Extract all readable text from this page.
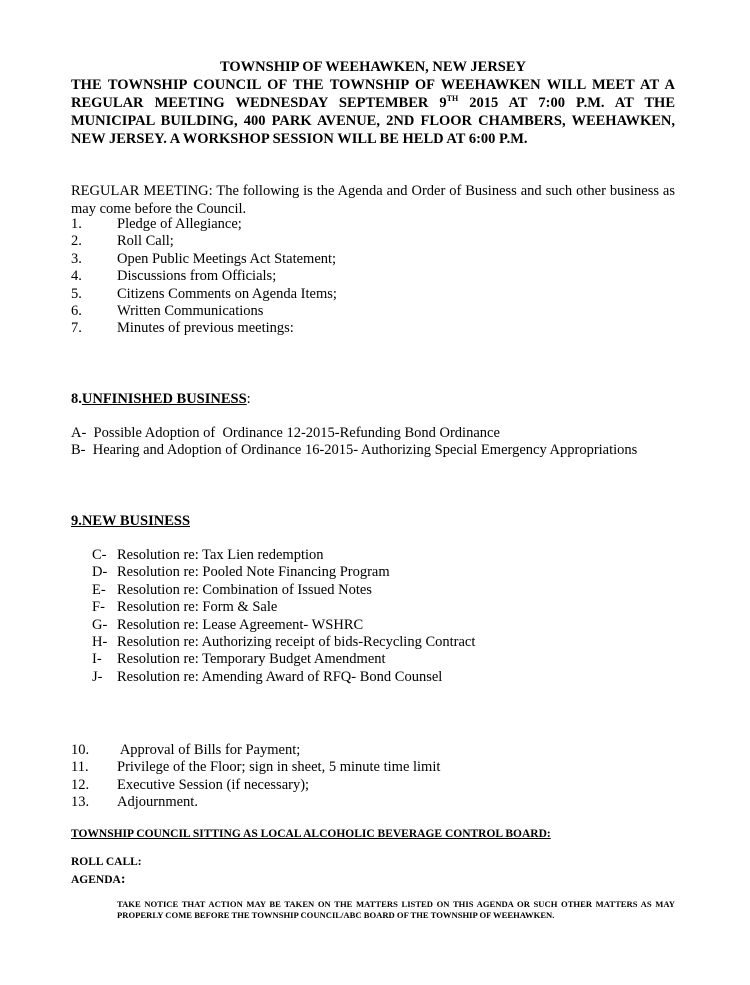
TOWNSHIP OF WEEHAWKEN, NEW JERSEY

THE TOWNSHIP COUNCIL OF THE TOWNSHIP OF WEEHAWKEN WILL MEET AT A REGULAR MEETING WEDNESDAY SEPTEMBER 9TH 2015 AT 7:00 P.M. AT THE MUNICIPAL BUILDING, 400 PARK AVENUE, 2ND FLOOR CHAMBERS, WEEHAWKEN, NEW JERSEY. A WORKSHOP SESSION WILL BE HELD AT 6:00 P.M.

REGULAR MEETING: The following is the Agenda and Order of Business and such other business as may come before the Council.

1.	Pledge of Allegiance;
2.	Roll Call;
3.	Open Public Meetings Act Statement;
4.	Discussions from Officials;
5.	Citizens Comments on Agenda Items;
6.	Written Communications
7.	Minutes of previous meetings:

8.UNFINISHED BUSINESS:

A-  Possible Adoption of  Ordinance 12-2015-Refunding Bond Ordinance
B-  Hearing and Adoption of Ordinance 16-2015- Authorizing Special Emergency Appropriations

9.NEW BUSINESS

C- Resolution re: Tax Lien redemption
D- Resolution re: Pooled Note Financing Program
E- Resolution re: Combination of Issued Notes
F- Resolution re: Form & Sale
G- Resolution re: Lease Agreement- WSHRC
H- Resolution re: Authorizing receipt of bids-Recycling Contract
I-	Resolution re: Temporary Budget Amendment
J-	Resolution re: Amending Award of RFQ- Bond Counsel
10.	Approval of Bills for Payment;
11.	Privilege of the Floor; sign in sheet, 5 minute time limit
12.	Executive Session (if necessary);
13.	Adjournment.

TOWNSHIP COUNCIL SITTING AS LOCAL ALCOHOLIC BEVERAGE CONTROL BOARD:

ROLL CALL:
AGENDA:

TAKE NOTICE THAT ACTION MAY BE TAKEN ON THE MATTERS LISTED ON THIS AGENDA OR SUCH OTHER MATTERS AS MAY PROPERLY COME BEFORE THE TOWNSHIP COUNCIL/ABC BOARD OF THE TOWNSHIP OF WEEHAWKEN.
